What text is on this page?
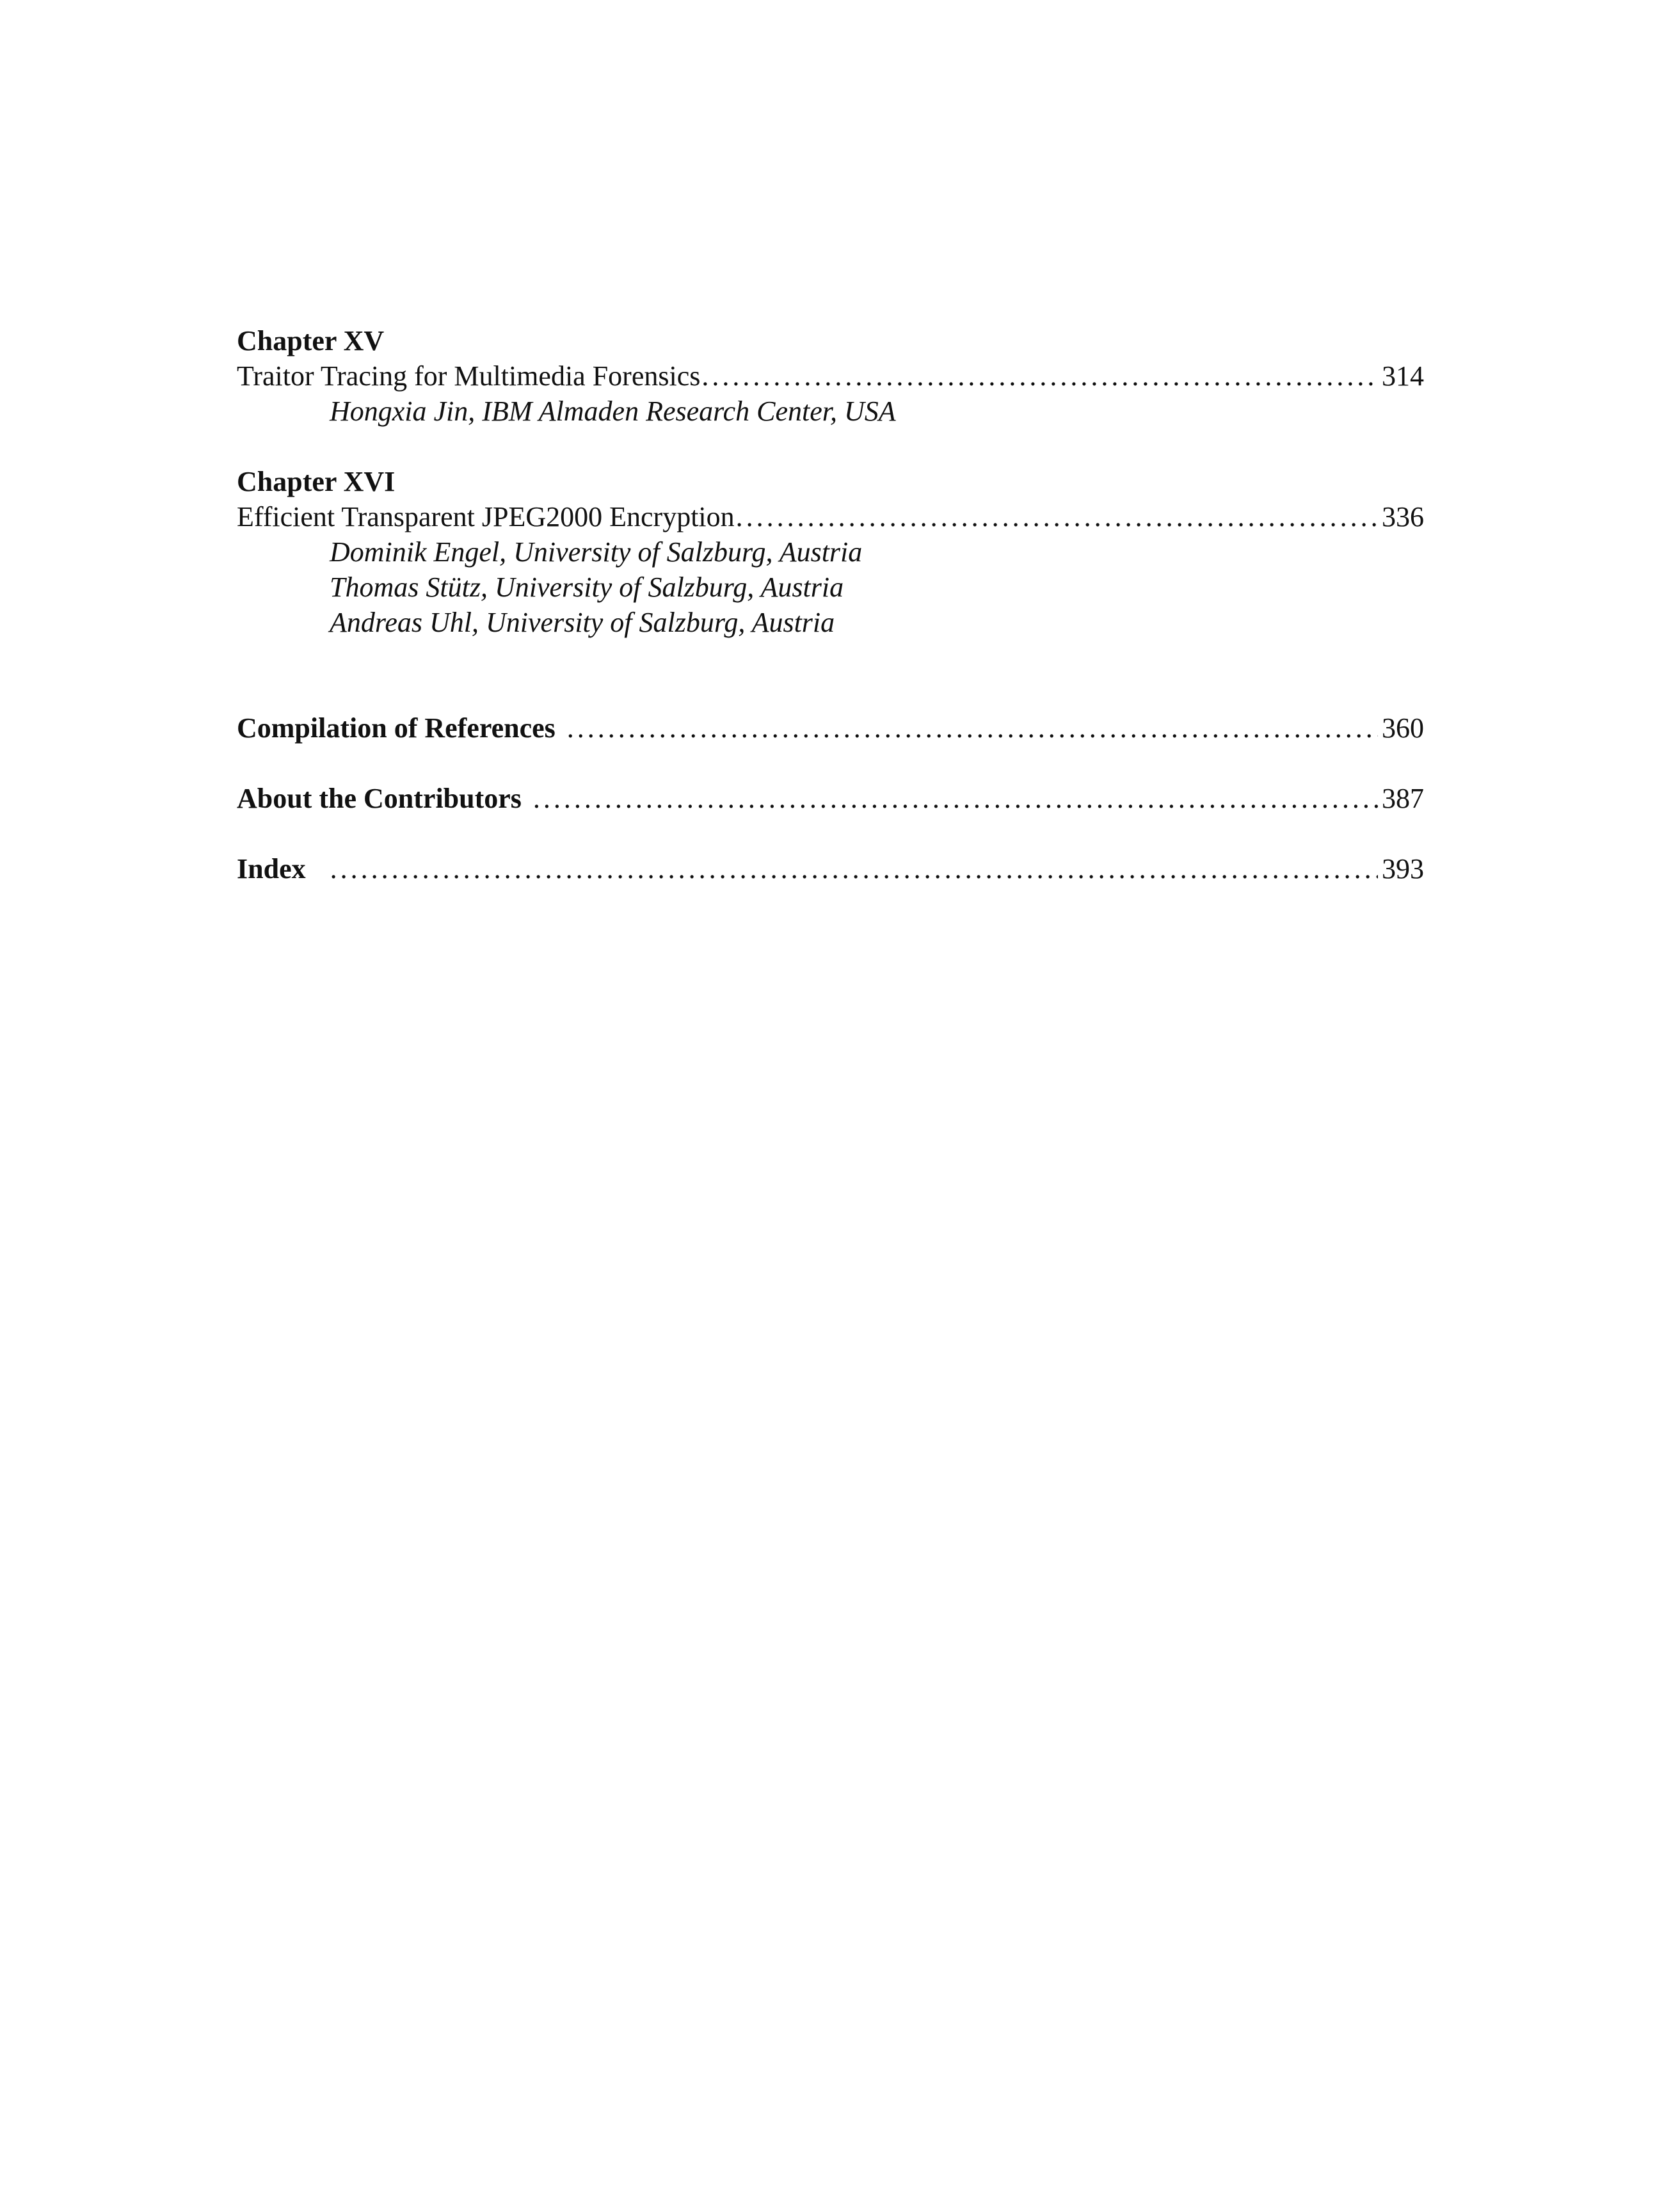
Chapter XV
Traitor Tracing for Multimedia Forensics . . .	314
Hongxia Jin, IBM Almaden Research Center, USA
Chapter XVI
Efficient Transparent JPEG2000 Encryption . . .	336
Dominik Engel, University of Salzburg, Austria
Thomas Stütz, University of Salzburg, Austria
Andreas Uhl, University of Salzburg, Austria
Compilation of References . . .	360
About the Contributors . . .	387
Index . . .	393
